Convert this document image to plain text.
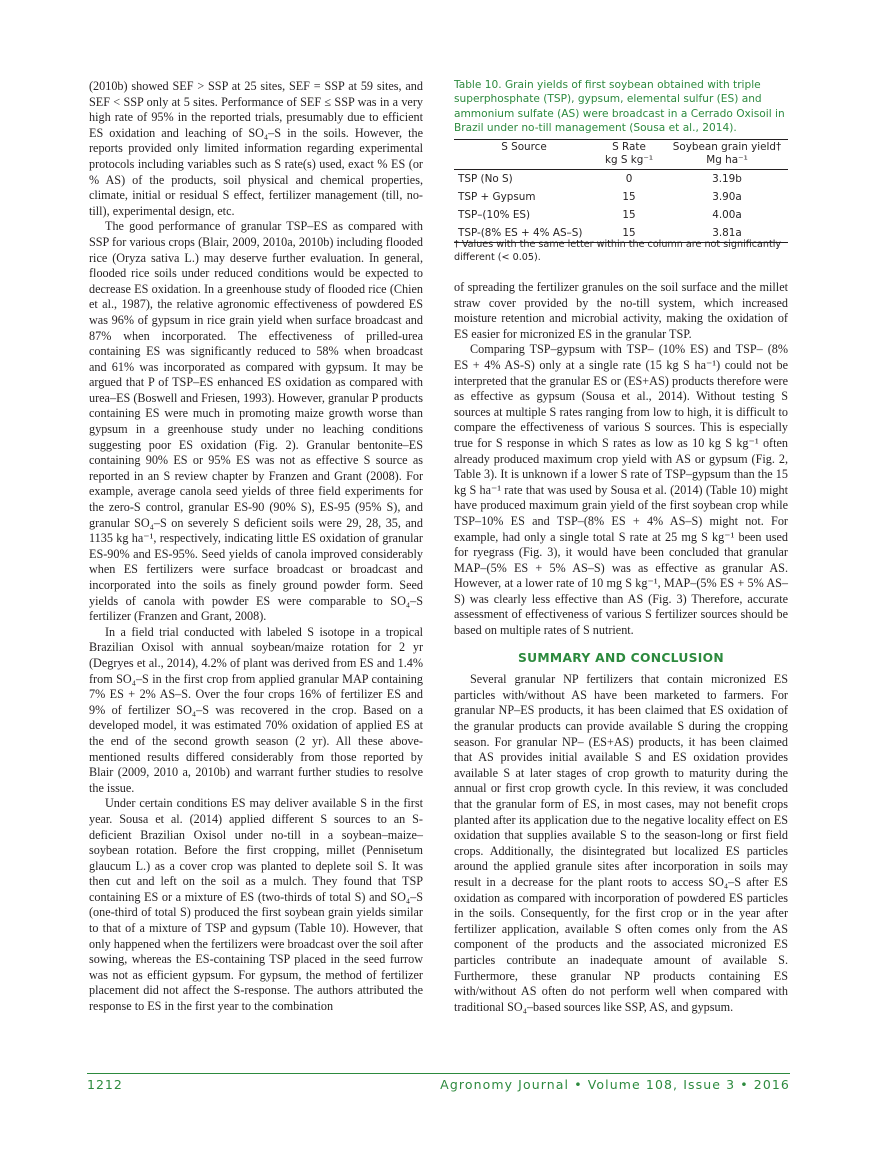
(2010b) showed SEF > SSP at 25 sites, SEF = SSP at 59 sites, and SEF < SSP only at 5 sites. Performance of SEF ≤ SSP was in a very high rate of 95% in the reported trials, presumably due to efficient ES oxidation and leaching of SO₄–S in the soils. However, the reports provided only limited information regarding experimental protocols including variables such as S rate(s) used, exact % ES (or % AS) of the products, soil physical and chemical properties, climate, initial or residual S effect, fertilizer management (till, no-till), experimental design, etc.

The good performance of granular TSP–ES as compared with SSP for various crops (Blair, 2009, 2010a, 2010b) including flooded rice (Oryza sativa L.) may deserve further evaluation. In general, flooded rice soils under reduced conditions would be expected to decrease ES oxidation. In a greenhouse study of flooded rice (Chien et al., 1987), the relative agronomic effectiveness of powdered ES was 96% of gypsum in rice grain yield when surface broadcast and 87% when incorporated. The effectiveness of prilled-urea containing ES was significantly reduced to 58% when broadcast and 61% was incorporated as compared with gypsum. It may be argued that P of TSP–ES enhanced ES oxidation as compared with urea–ES (Boswell and Friesen, 1993). However, granular P products containing ES were much in promoting maize growth worse than gypsum in a greenhouse study under no leaching conditions suggesting poor ES oxidation (Fig. 2). Granular bentonite–ES containing 90% ES or 95% ES was not as effective S source as reported in an S review chapter by Franzen and Grant (2008). For example, average canola seed yields of three field experiments for the zero-S control, granular ES-90 (90% S), ES-95 (95% S), and granular SO₄–S on severely S deficient soils were 29, 28, 35, and 1135 kg ha⁻¹, respectively, indicating little ES oxidation of granular ES-90% and ES-95%. Seed yields of canola improved considerably when ES fertilizers were surface broadcast or broadcast and incorporated into the soils as finely ground powder form. Seed yields of canola with powder ES were comparable to SO₄–S fertilizer (Franzen and Grant, 2008).

In a field trial conducted with labeled S isotope in a tropical Brazilian Oxisol with annual soybean/maize rotation for 2 yr (Degryes et al., 2014), 4.2% of plant was derived from ES and 1.4% from SO₄–S in the first crop from applied granular MAP containing 7% ES + 2% AS–S. Over the four crops 16% of fertilizer ES and 9% of fertilizer SO₄–S was recovered in the crop. Based on a developed model, it was estimated 70% oxidation of applied ES at the end of the second growth season (2 yr). All these above-mentioned results differed considerably from those reported by Blair (2009, 2010 a, 2010b) and warrant further studies to resolve the issue.

Under certain conditions ES may deliver available S in the first year. Sousa et al. (2014) applied different S sources to an S-deficient Brazilian Oxisol under no-till in a soybean–maize–soybean rotation. Before the first cropping, millet (Pennisetum glaucum L.) as a cover crop was planted to deplete soil S. It was then cut and left on the soil as a mulch. They found that TSP containing ES or a mixture of ES (two-thirds of total S) and SO₄–S (one-third of total S) produced the first soybean grain yields similar to that of a mixture of TSP and gypsum (Table 10). However, that only happened when the fertilizers were broadcast over the soil after sowing, whereas the ES-containing TSP placed in the seed furrow was not as efficient gypsum. For gypsum, the method of fertilizer placement did not affect the S-response. The authors attributed the response to ES in the first year to the combination

Table 10. Grain yields of first soybean obtained with triple superphosphate (TSP), gypsum, elemental sulfur (ES) and ammonium sulfate (AS) were broadcast in a Cerrado Oxisoil in Brazil under no-till management (Sousa et al., 2014).
S Source	S Rate	Soybean grain yield†
	kg S kg⁻¹	Mg ha⁻¹
TSP (No S)	0	3.19b
TSP + Gypsum	15	3.90a
TSP–(10% ES)	15	4.00a
TSP-(8% ES + 4% AS–S)	15	3.81a
† Values with the same letter within the column are not significantly different (< 0.05).

of spreading the fertilizer granules on the soil surface and the millet straw cover provided by the no-till system, which increased moisture retention and microbial activity, making the oxidation of ES easier for micronized ES in the granular TSP.

Comparing TSP–gypsum with TSP– (10% ES) and TSP– (8% ES + 4% AS-S) only at a single rate (15 kg S ha⁻¹) could not be interpreted that the granular ES or (ES+AS) products therefore were as effective as gypsum (Sousa et al., 2014). Without testing S sources at multiple S rates ranging from low to high, it is difficult to compare the effectiveness of various S sources. This is especially true for S response in which S rates as low as 10 kg S kg⁻¹ often already produced maximum crop yield with AS or gypsum (Fig. 2, Table 3). It is unknown if a lower S rate of TSP–gypsum than the 15 kg S ha⁻¹ rate that was used by Sousa et al. (2014) (Table 10) might have produced maximum grain yield of the first soybean crop while TSP–10% ES and TSP–(8% ES + 4% AS–S) might not. For example, had only a single total S rate at 25 mg S kg⁻¹ been used for ryegrass (Fig. 3), it would have been concluded that granular MAP–(5% ES + 5% AS–S) was as effective as granular AS. However, at a lower rate of 10 mg S kg⁻¹, MAP–(5% ES + 5% AS–S) was clearly less effective than AS (Fig. 3) Therefore, accurate assessment of effectiveness of various S fertilizer sources should be based on multiple rates of S nutrient.

SUMMARY AND CONCLUSION

Several granular NP fertilizers that contain micronized ES particles with/without AS have been marketed to farmers. For granular NP–ES products, it has been claimed that ES oxidation of the granular products can provide available S during the cropping season. For granular NP– (ES+AS) products, it has been claimed that AS provides initial available S and ES oxidation provides available S at later stages of crop growth to maturity during the annual or first crop growth cycle. In this review, it was concluded that the granular form of ES, in most cases, may not benefit crops planted after its application due to the negative locality effect on ES oxidation that supplies available S to the season-long or first field crops. Additionally, the disintegrated but localized ES particles around the applied granule sites after incorporation in soils may result in a decrease for the plant roots to access SO₄–S after ES oxidation as compared with incorporation of powdered ES particles in the soils. Consequently, for the first crop or in the year after fertilizer application, available S often comes only from the AS component of the products and the associated micronized ES particles contribute an inadequate amount of available S. Furthermore, these granular NP products containing ES with/without AS often do not perform well when compared with traditional SO₄–based sources like SSP, AS, and gypsum.

1212	Agronomy Journal • Volume 108, Issue 3 • 2016
